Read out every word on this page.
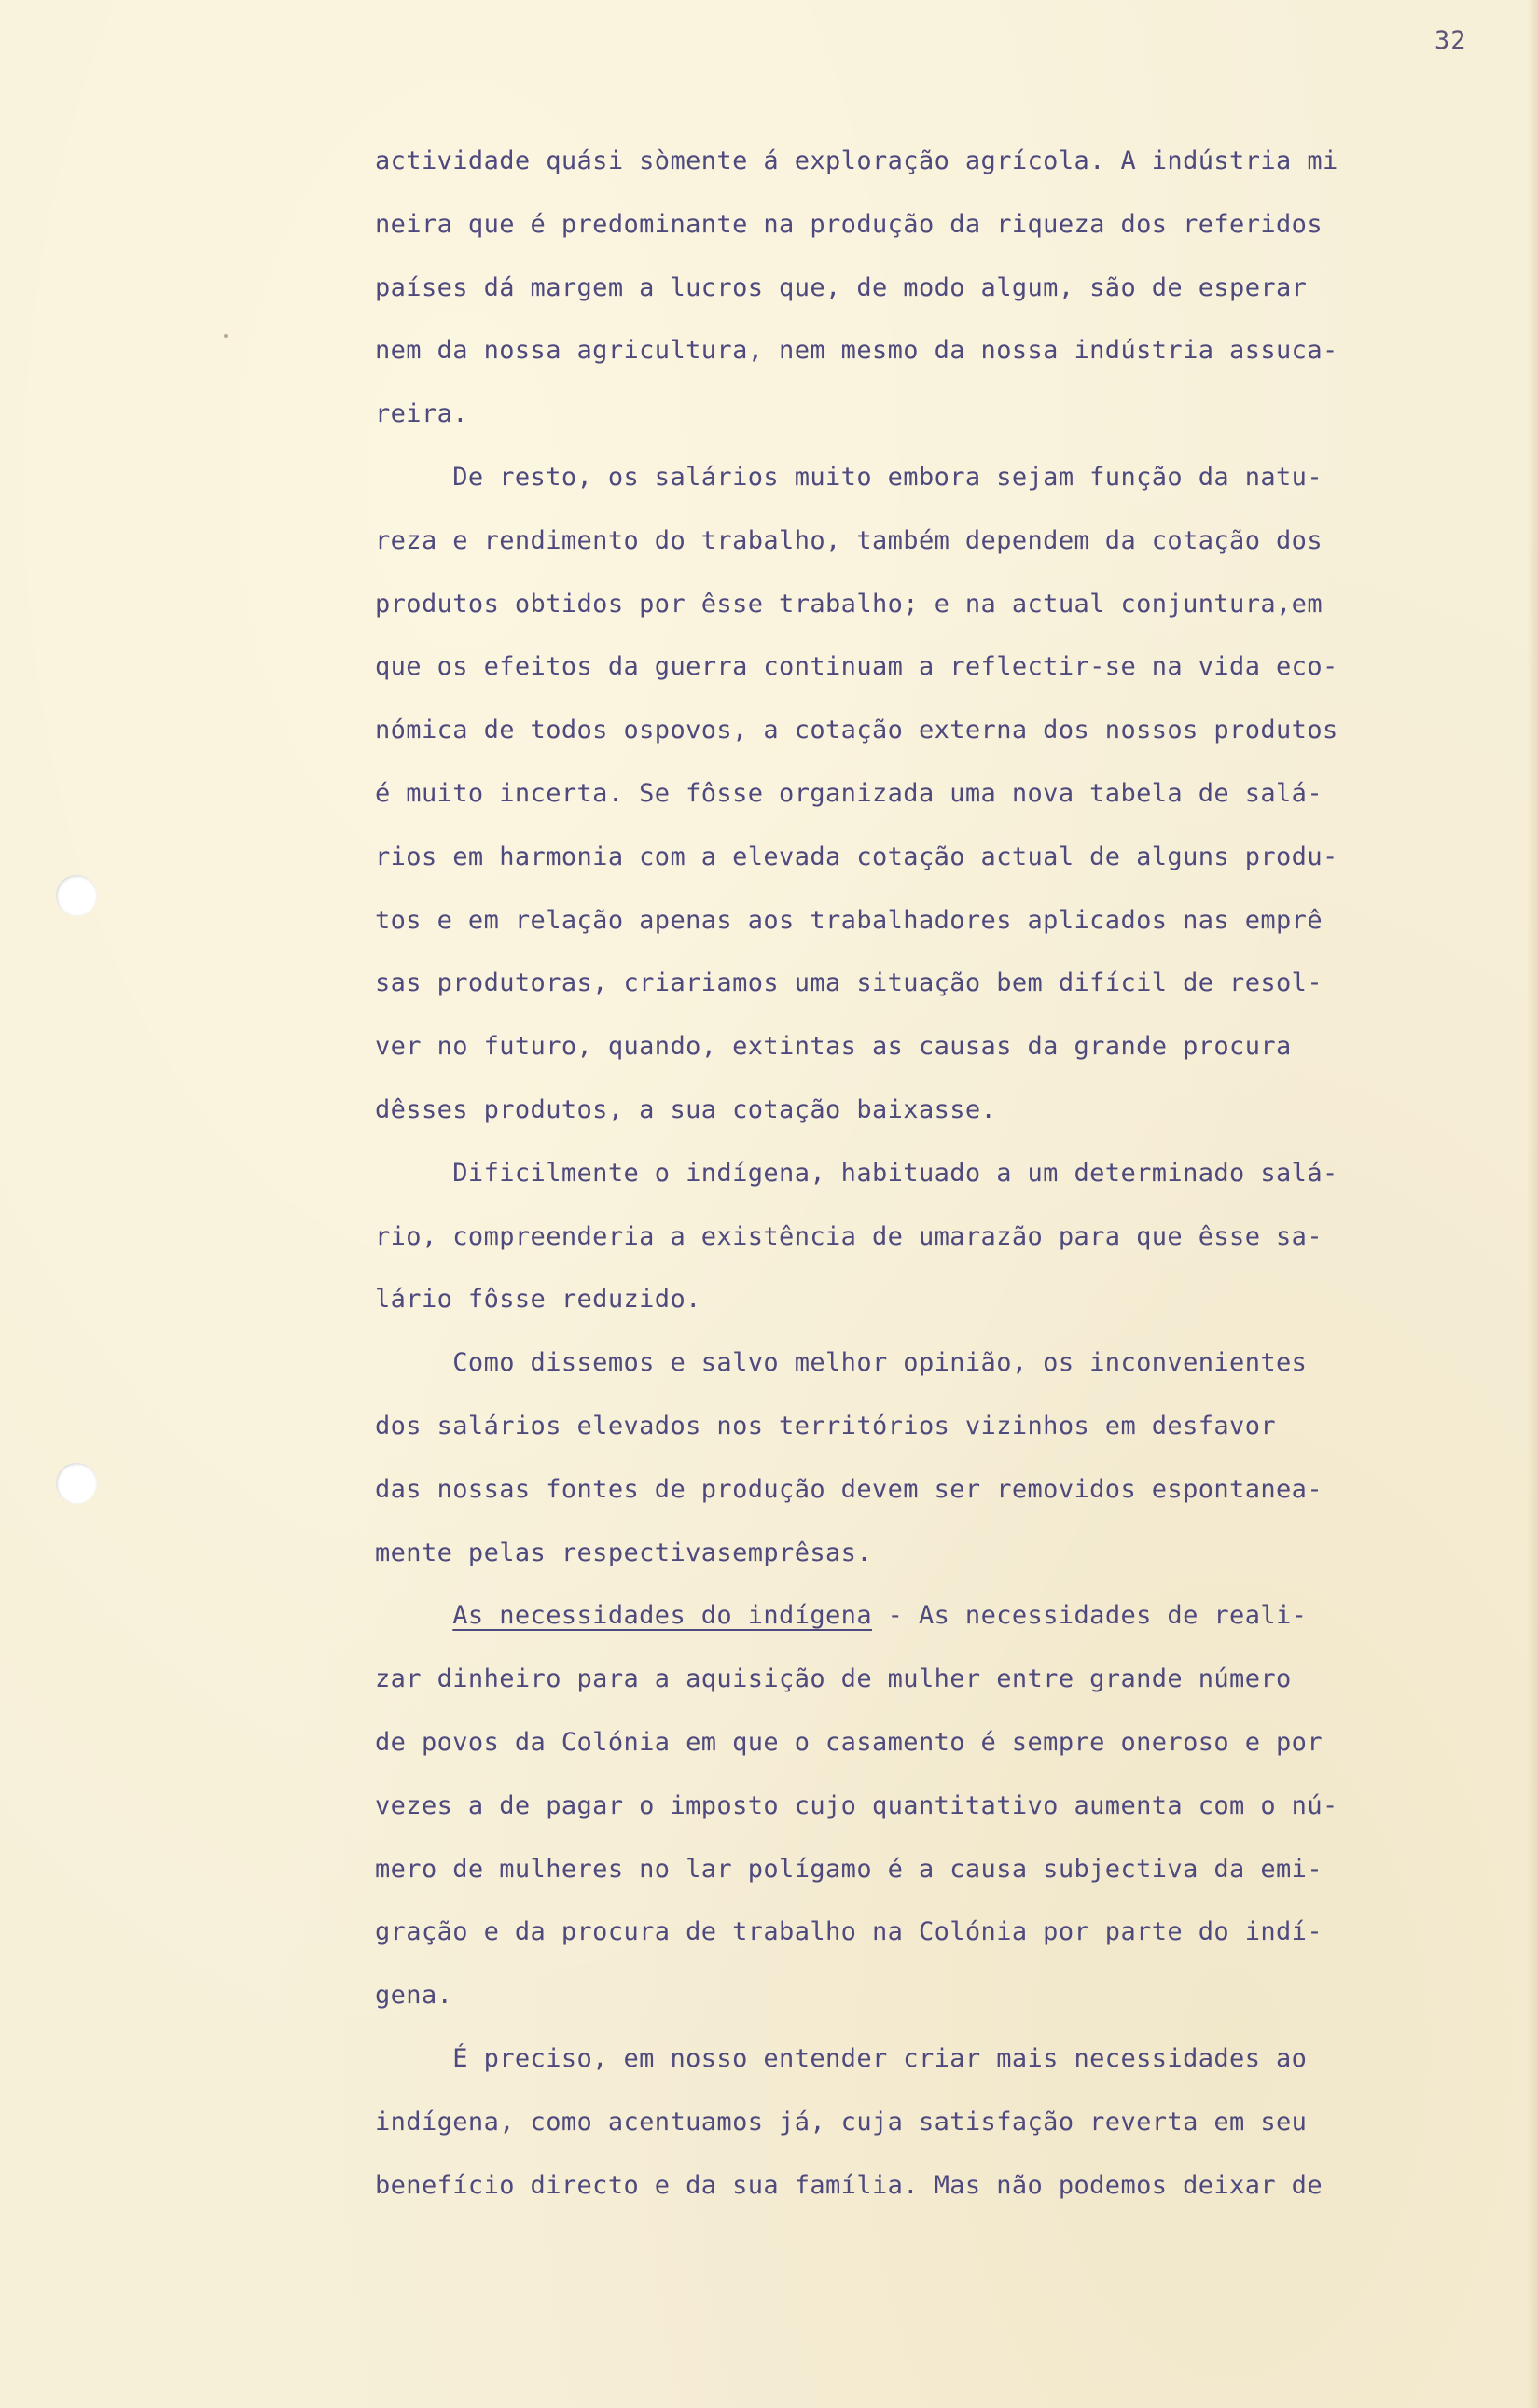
32
actividade quási sòmente á exploração agrícola. A indústria mi
neira que é predominante na produção da riqueza dos referidos
países dá margem a lucros que, de modo algum, são de esperar
nem da nossa agricultura, nem mesmo da nossa indústria assuca-
reira.
De resto, os salários muito embora sejam função da natu-
reza e rendimento do trabalho, também dependem da cotação dos
produtos obtidos por êsse trabalho; e na actual conjuntura,em
que os efeitos da guerra continuam a reflectir-se na vida eco-
nómica de todos ospovos, a cotação externa dos nossos produtos
é muito incerta. Se fôsse organizada uma nova tabela de salá-
rios em harmonia com a elevada cotação actual de alguns produ-
tos e em relação apenas aos trabalhadores aplicados nas emprê
sas produtoras, criariamos uma situação bem difícil de resol-
ver no futuro, quando, extintas as causas da grande procura
dêsses produtos, a sua cotação baixasse.
Dificilmente o indígena, habituado a um determinado salá-
rio, compreenderia a existência de umarazão para que êsse sa-
lário fôsse reduzido.
Como dissemos e salvo melhor opinião, os inconvenientes
dos salários elevados nos territórios vizinhos em desfavor
das nossas fontes de produção devem ser removidos espontanea-
mente pelas respectivasemprêsas.
As necessidades do indígena - As necessidades de reali-
zar dinheiro para a aquisição de mulher entre grande número
de povos da Colónia em que o casamento é sempre oneroso e por
vezes a de pagar o imposto cujo quantitativo aumenta com o nú-
mero de mulheres no lar polígamo é a causa subjectiva da emi-
gração e da procura de trabalho na Colónia por parte do indí-
gena.
É preciso, em nosso entender criar mais necessidades ao
indígena, como acentuamos já, cuja satisfação reverta em seu
benefício directo e da sua família. Mas não podemos deixar de
